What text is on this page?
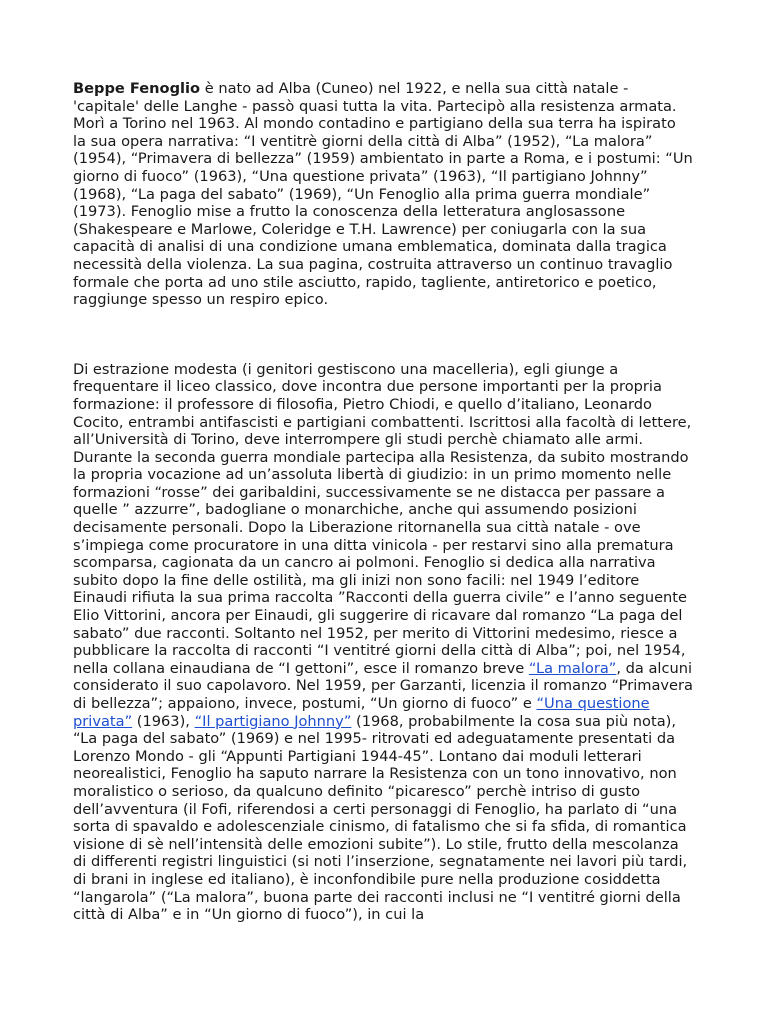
Beppe Fenoglio è nato ad Alba (Cuneo) nel 1922, e nella sua città natale - 'capitale' delle Langhe - passò quasi tutta la vita. Partecipò alla resistenza armata. Morì a Torino nel 1963. Al mondo contadino e partigiano della sua terra ha ispirato la sua opera narrativa: “I ventitrè giorni della città di Alba” (1952), “La malora” (1954), “Primavera di bellezza” (1959) ambientato in parte a Roma, e i postumi: “Un giorno di fuoco” (1963), “Una questione privata” (1963), “Il partigiano Johnny” (1968), “La paga del sabato” (1969), “Un Fenoglio alla prima guerra mondiale” (1973). Fenoglio mise a frutto la conoscenza della letteratura anglosassone (Shakespeare e Marlowe, Coleridge e T.H. Lawrence) per coniugarla con la sua capacità di analisi di una condizione umana emblematica, dominata dalla tragica necessità della violenza. La sua pagina, costruita attraverso un continuo travaglio formale che porta ad uno stile asciutto, rapido, tagliente, antiretorico e poetico, raggiunge spesso un respiro epico.

Di estrazione modesta (i genitori gestiscono una macelleria), egli giunge a frequentare il liceo classico, dove incontra due persone importanti per la propria formazione: il professore di filosofia, Pietro Chiodi, e quello d’italiano, Leonardo Cocito, entrambi antifascisti e partigiani combattenti. Iscrittosi alla facoltà di lettere, all’Università di Torino, deve interrompere gli studi perchè chiamato alle armi. Durante la seconda guerra mondiale partecipa alla Resistenza, da subito mostrando la propria vocazione ad un’assoluta libertà di giudizio: in un primo momento nelle formazioni “rosse” dei garibaldini, successivamente se ne distacca per passare a quelle ” azzurre”, badogliane o monarchiche, anche qui assumendo posizioni decisamente personali. Dopo la Liberazione ritornanella sua città natale - ove s’impiega come procuratore in una ditta vinicola - per restarvi sino alla prematura scomparsa, cagionata da un cancro ai polmoni. Fenoglio si dedica alla narrativa subito dopo la fine delle ostilità, ma gli inizi non sono facili: nel 1949 l’editore Einaudi rifiuta la sua prima raccolta ”Racconti della guerra civile” e l’anno seguente Elio Vittorini, ancora per Einaudi, gli suggerire di ricavare dal romanzo “La paga del sabato” due racconti. Soltanto nel 1952, per merito di Vittorini medesimo, riesce a pubblicare la raccolta di racconti “I ventitré giorni della città di Alba”; poi, nel 1954, nella collana einaudiana de “I gettoni”, esce il romanzo breve “La malora”, da alcuni considerato il suo capolavoro. Nel 1959, per Garzanti, licenzia il romanzo “Primavera di bellezza”; appaiono, invece, postumi, “Un giorno di fuoco” e “Una questione privata” (1963), “Il partigiano Johnny” (1968, probabilmente la cosa sua più nota), “La paga del sabato” (1969) e nel 1995- ritrovati ed adeguatamente presentati da Lorenzo Mondo - gli “Appunti Partigiani 1944-45”. Lontano dai moduli letterari neorealistici, Fenoglio ha saputo narrare la Resistenza con un tono innovativo, non moralistico o serioso, da qualcuno definito “picaresco” perchè intriso di gusto dell’avventura (il Fofi, riferendosi a certi personaggi di Fenoglio, ha parlato di “una sorta di spavaldo e adolescenziale cinismo, di fatalismo che si fa sfida, di romantica visione di sè nell’intensità delle emozioni subite”). Lo stile, frutto della mescolanza di differenti registri linguistici (si noti l’inserzione, segnatamente nei lavori più tardi, di brani in inglese ed italiano), è inconfondibile pure nella produzione cosiddetta “langarola” (“La malora”, buona parte dei racconti inclusi ne “I ventitré giorni della città di Alba” e in “Un giorno di fuoco”), in cui la
